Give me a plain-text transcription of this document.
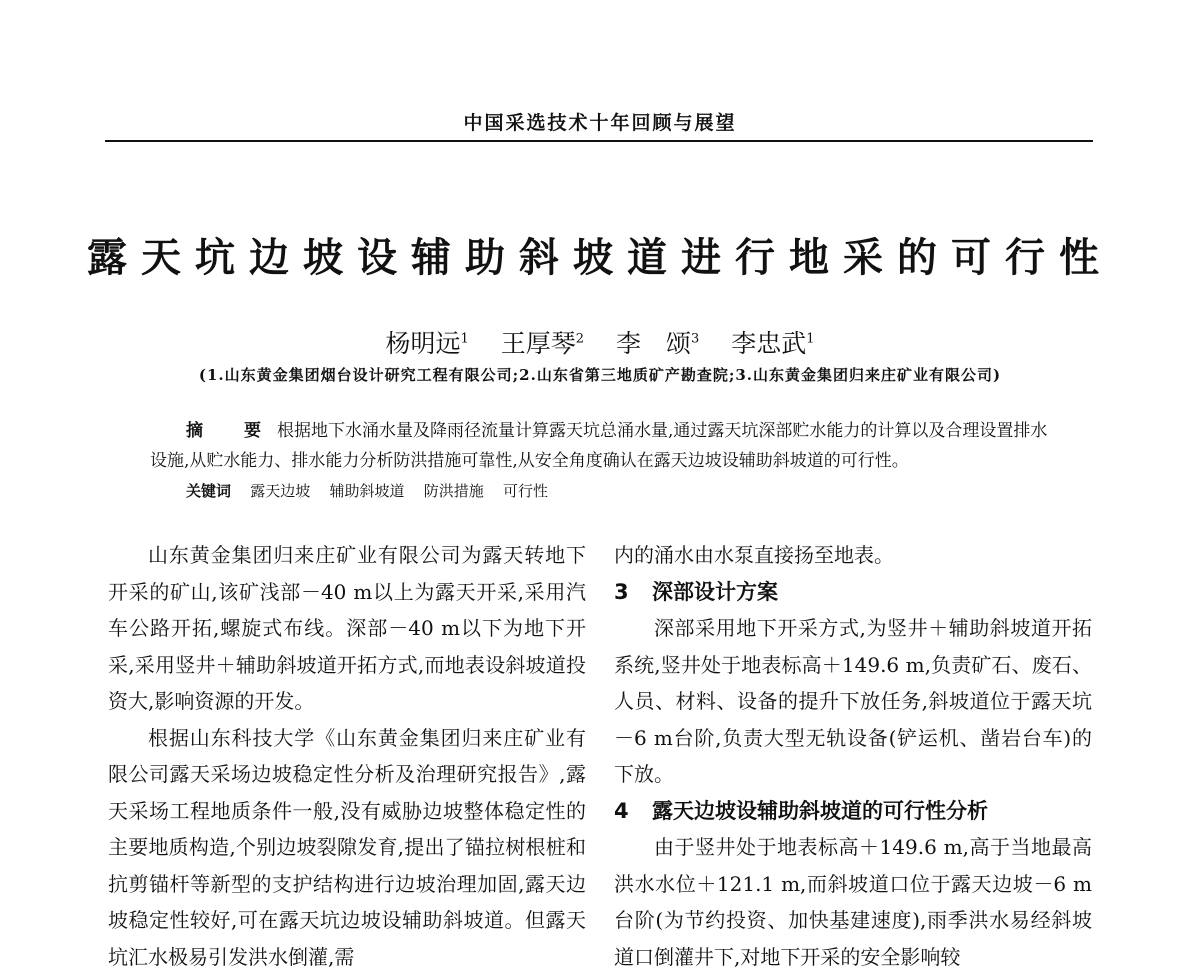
中国采选技术十年回顾与展望
露天坑边坡设辅助斜坡道进行地采的可行性
杨明远$^1$ 王厚琴$^2$ 李　颂$^3$ 李忠武$^1$
(1.山东黄金集团烟台设计研究工程有限公司;2.山东省第三地质矿产勘查院;3.山东黄金集团归来庄矿业有限公司)
摘　要 根据地下水涌水量及降雨径流量计算露天坑总涌水量,通过露天坑深部贮水能力的计算以及合理设置排水设施,从贮水能力、排水能力分析防洪措施可靠性,从安全角度确认在露天边坡设辅助斜坡道的可行性。
关键词 露天边坡 辅助斜坡道 防洪措施 可行性

山东黄金集团归来庄矿业有限公司为露天转地下开采的矿山,该矿浅部－40 m以上为露天开采,采用汽车公路开拓,螺旋式布线。深部－40 m以下为地下开采,采用竖井＋辅助斜坡道开拓方式,而地表设斜坡道投资大,影响资源的开发。

根据山东科技大学《山东黄金集团归来庄矿业有限公司露天采场边坡稳定性分析及治理研究报告》,露天采场工程地质条件一般,没有威胁边坡整体稳定性的主要地质构造,个别边坡裂隙发育,提出了锚拉树根桩和抗剪锚杆等新型的支护结构进行边坡治理加固,露天边坡稳定性较好,可在露天坑边坡设辅助斜坡道。但露天坑汇水极易引发洪水倒灌,需

内的涌水由水泵直接扬至地表。

3 深部设计方案

深部采用地下开采方式,为竖井＋辅助斜坡道开拓系统,竖井处于地表标高＋149.6 m,负责矿石、废石、人员、材料、设备的提升下放任务,斜坡道位于露天坑－6 m台阶,负责大型无轨设备(铲运机、凿岩台车)的下放。

4 露天边坡设辅助斜坡道的可行性分析

由于竖井处于地表标高＋149.6 m,高于当地最高洪水水位＋121.1 m,而斜坡道口位于露天边坡－6 m台阶(为节约投资、加快基建速度),雨季洪水易经斜坡道口倒灌井下,对地下开采的安全影响较
